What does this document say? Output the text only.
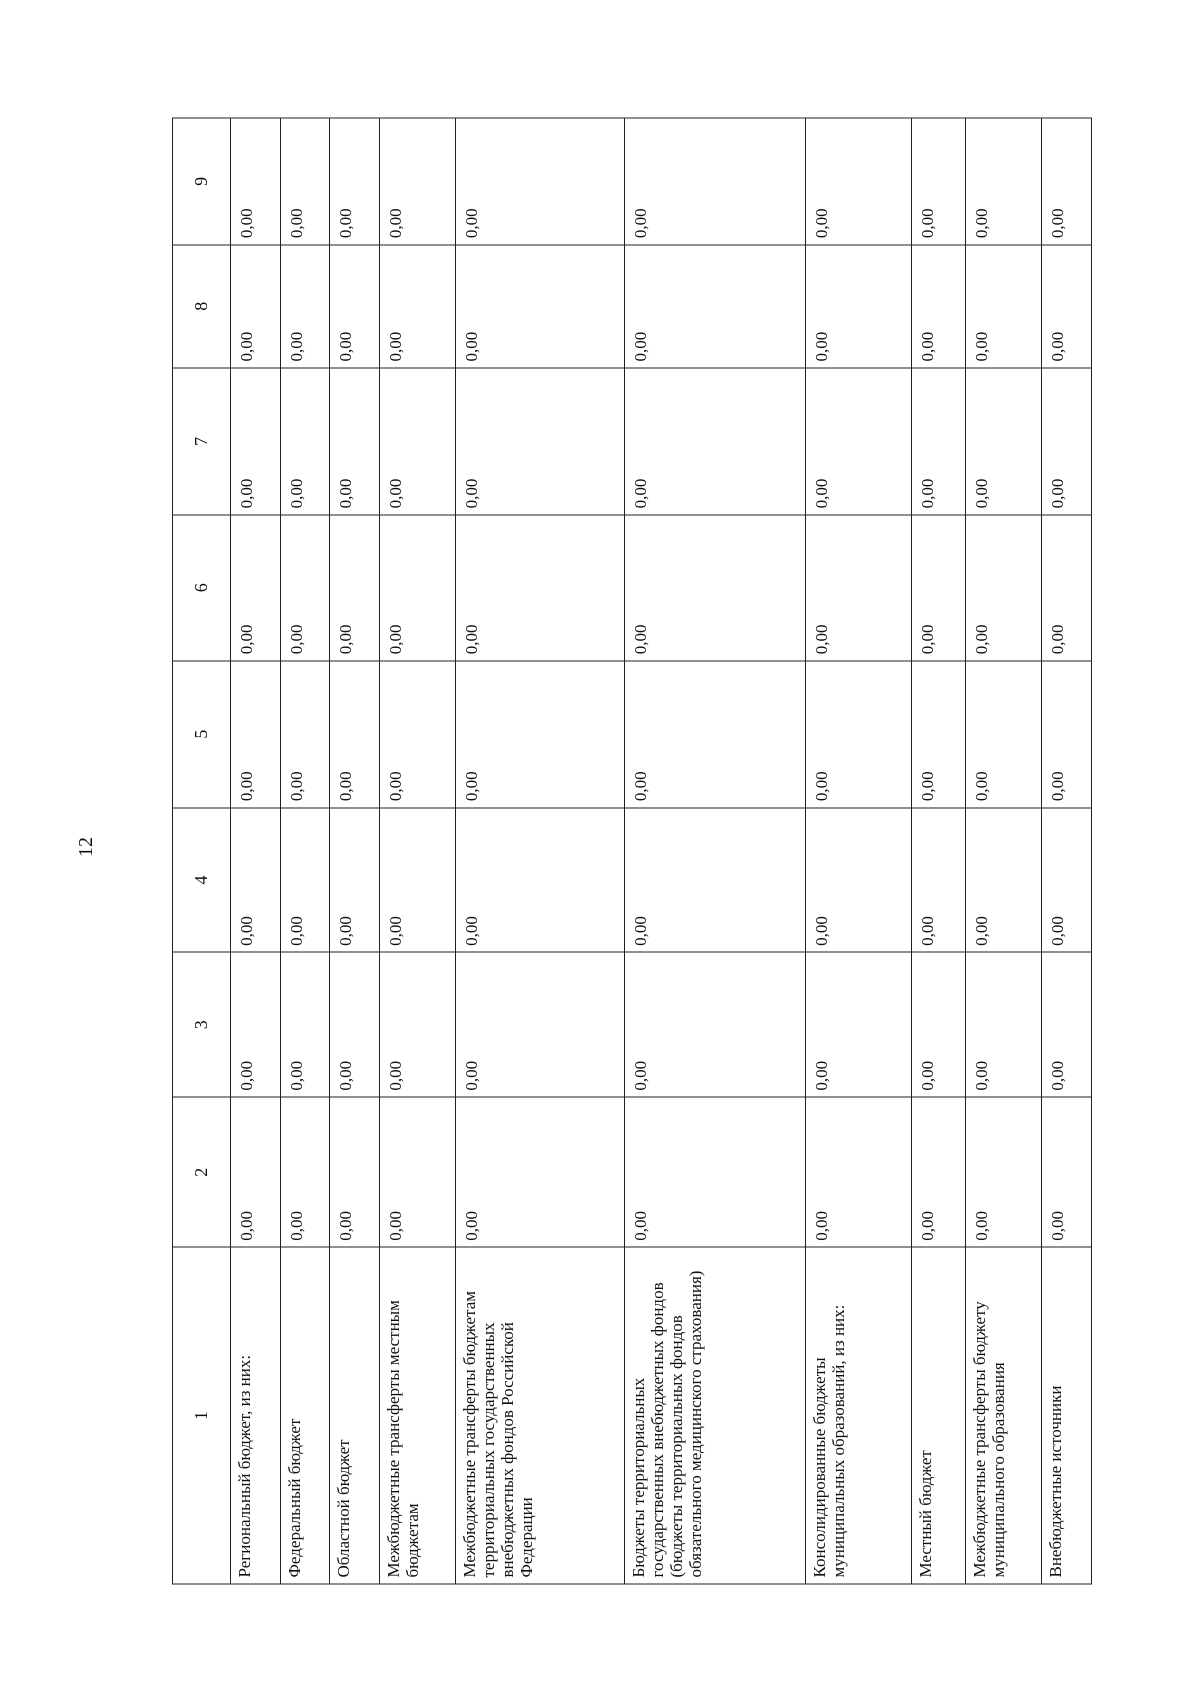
12
1	2	3	4	5	6	7	8	9
Региональный бюджет, из них:	0,00	0,00	0,00	0,00	0,00	0,00	0,00	0,00
Федеральный бюджет	0,00	0,00	0,00	0,00	0,00	0,00	0,00	0,00
Областной бюджет	0,00	0,00	0,00	0,00	0,00	0,00	0,00	0,00
Межбюджетные трансферты местным бюджетам	0,00	0,00	0,00	0,00	0,00	0,00	0,00	0,00
Межбюджетные трансферты бюджетам территориальных государственных внебюджетных фондов Российской Федерации	0,00	0,00	0,00	0,00	0,00	0,00	0,00	0,00
Бюджеты территориальных государственных внебюджетных фондов (бюджеты территориальных фондов обязательного медицинского страхования)	0,00	0,00	0,00	0,00	0,00	0,00	0,00	0,00
Консолидированные бюджеты муниципальных образований, из них:	0,00	0,00	0,00	0,00	0,00	0,00	0,00	0,00
Местный бюджет	0,00	0,00	0,00	0,00	0,00	0,00	0,00	0,00
Межбюджетные трансферты бюджету муниципального образования	0,00	0,00	0,00	0,00	0,00	0,00	0,00	0,00
Внебюджетные источники	0,00	0,00	0,00	0,00	0,00	0,00	0,00	0,00
